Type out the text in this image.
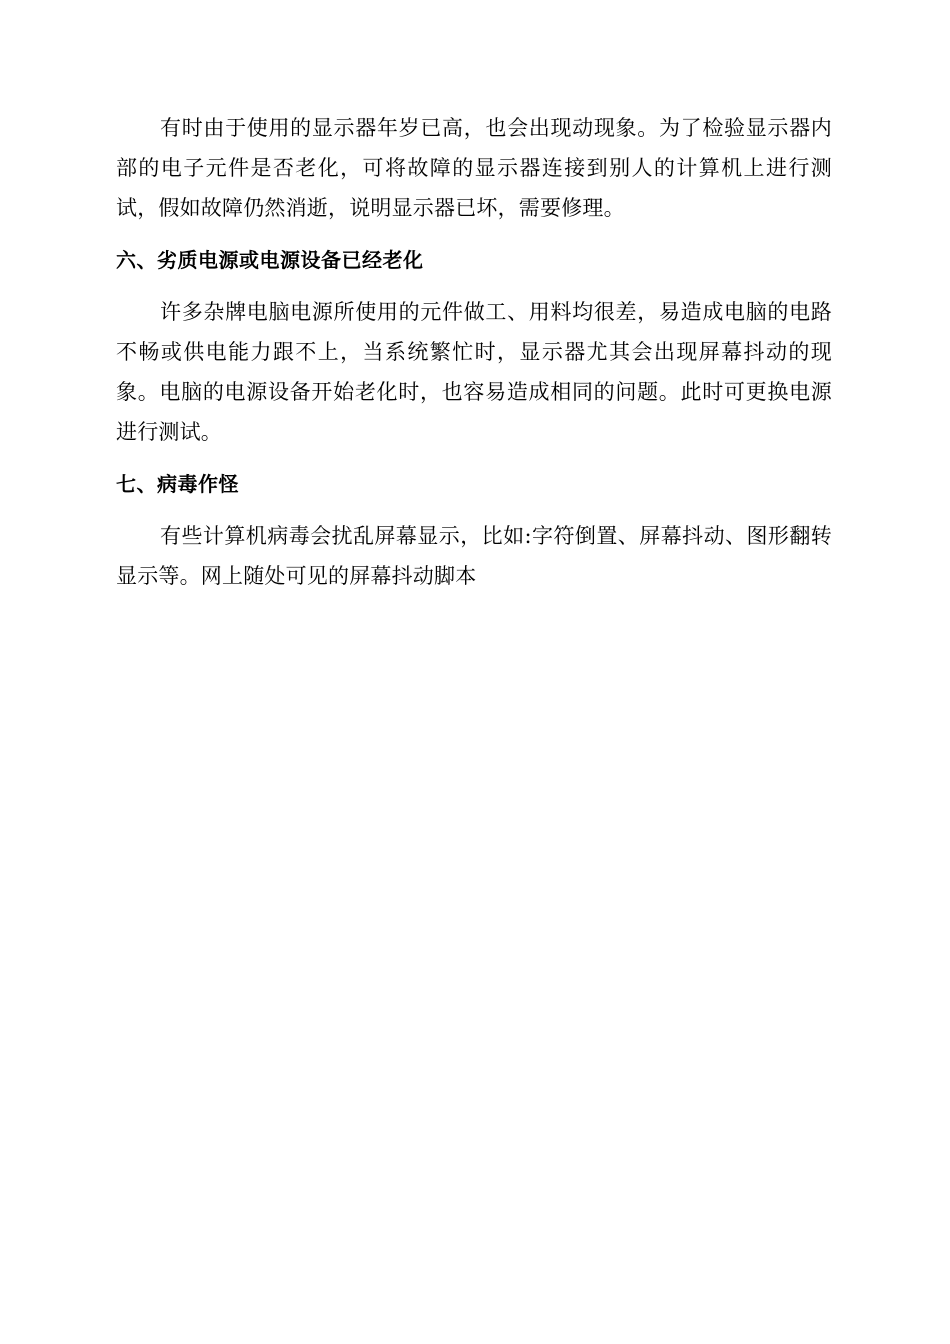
有时由于使用的显示器年岁已高，也会出现动现象。为了检验显示器内部的电子元件是否老化，可将故障的显示器连接到别人的计算机上进行测试，假如故障仍然消逝，说明显示器已坏，需要修理。

六、劣质电源或电源设备已经老化

许多杂牌电脑电源所使用的元件做工、用料均很差，易造成电脑的电路不畅或供电能力跟不上，当系统繁忙时，显示器尤其会出现屏幕抖动的现象。电脑的电源设备开始老化时，也容易造成相同的问题。此时可更换电源进行测试。

七、病毒作怪

有些计算机病毒会扰乱屏幕显示，比如:字符倒置、屏幕抖动、图形翻转显示等。网上随处可见的屏幕抖动脚本
